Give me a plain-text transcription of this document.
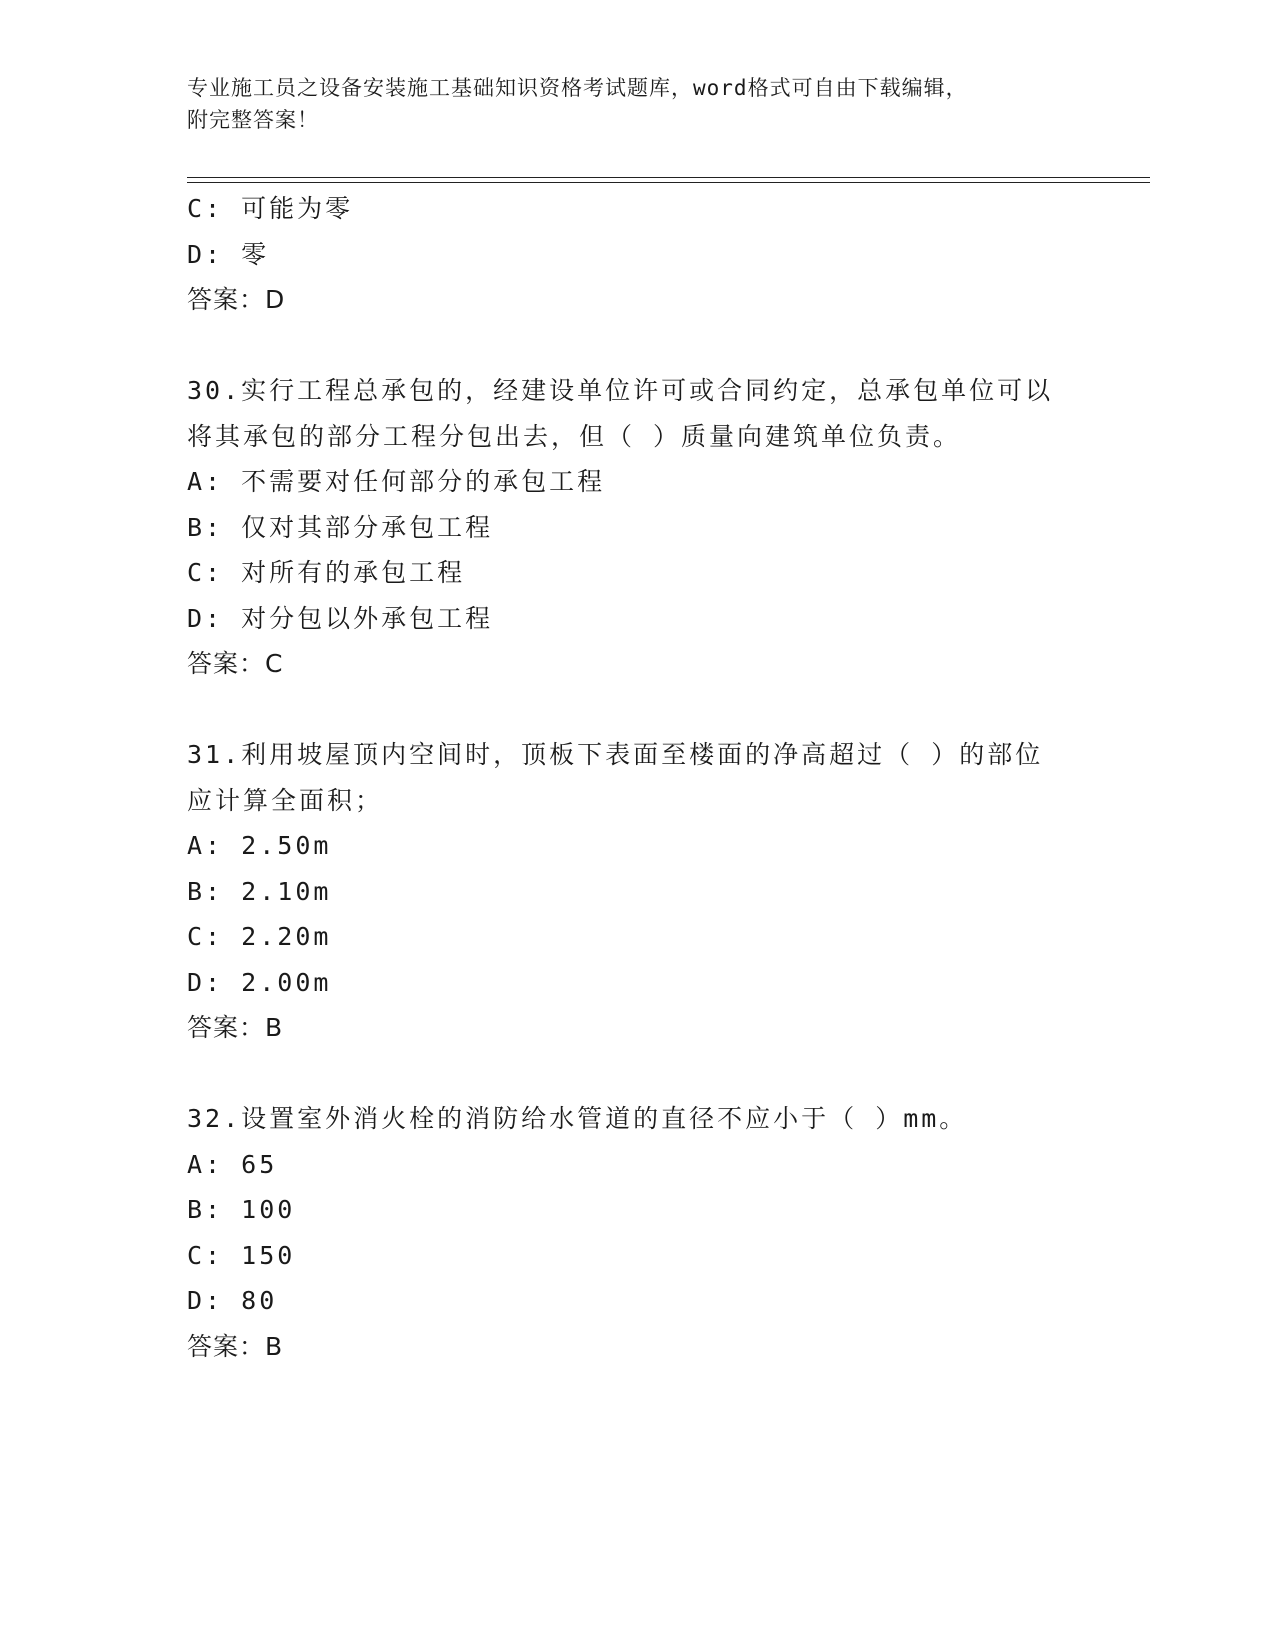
专业施工员之设备安装施工基础知识资格考试题库，word格式可自由下载编辑，
附完整答案！
C: 可能为零
D: 零
答案：D
30.实行工程总承包的，经建设单位许可或合同约定，总承包单位可以
将其承包的部分工程分包出去，但（ ）质量向建筑单位负责。
A: 不需要对任何部分的承包工程
B: 仅对其部分承包工程
C: 对所有的承包工程
D: 对分包以外承包工程
答案：C
31.利用坡屋顶内空间时，顶板下表面至楼面的净高超过（ ）的部位
应计算全面积；
A: 2.50m
B: 2.10m
C: 2.20m
D: 2.00m
答案：B
32.设置室外消火栓的消防给水管道的直径不应小于（ ）mm。
A: 65
B: 100
C: 150
D: 80
答案：B
